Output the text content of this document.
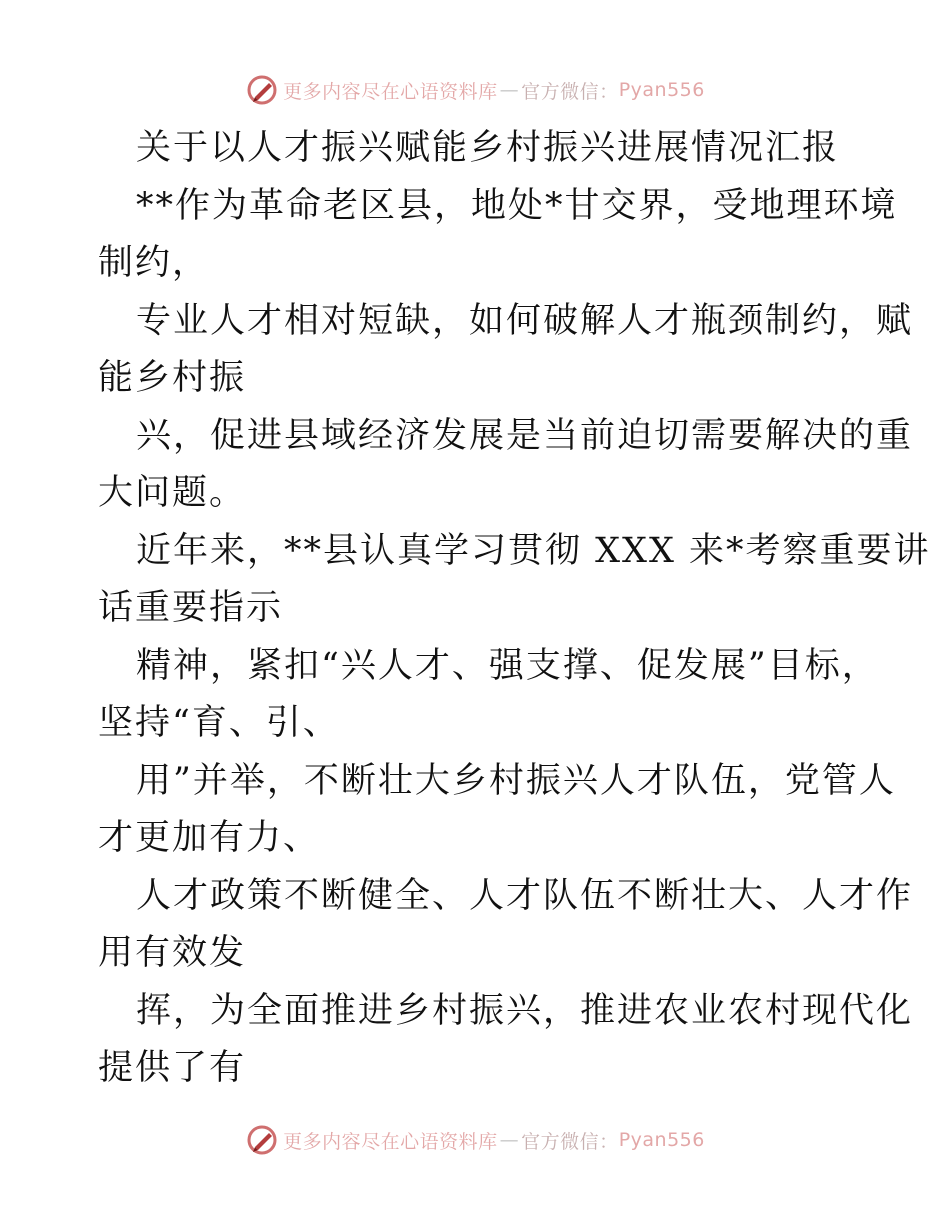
更多内容尽在心语资料库 — 官方微信： Pyan556
关于以人才振兴赋能乡村振兴进展情况汇报
**作为革命老区县，地处*甘交界，受地理环境
制约，
专业人才相对短缺，如何破解人才瓶颈制约，赋
能乡村振
兴，促进县域经济发展是当前迫切需要解决的重
大问题。
近年来，**县认真学习贯彻 XXX 来*考察重要讲
话重要指示
精神，紧扣“兴人才、强支撑、促发展”目标，
坚持“育、引、
用”并举，不断壮大乡村振兴人才队伍，党管人
才更加有力、
人才政策不断健全、人才队伍不断壮大、人才作
用有效发
挥，为全面推进乡村振兴，推进农业农村现代化
提供了有
更多内容尽在心语资料库 — 官方微信： Pyan556
